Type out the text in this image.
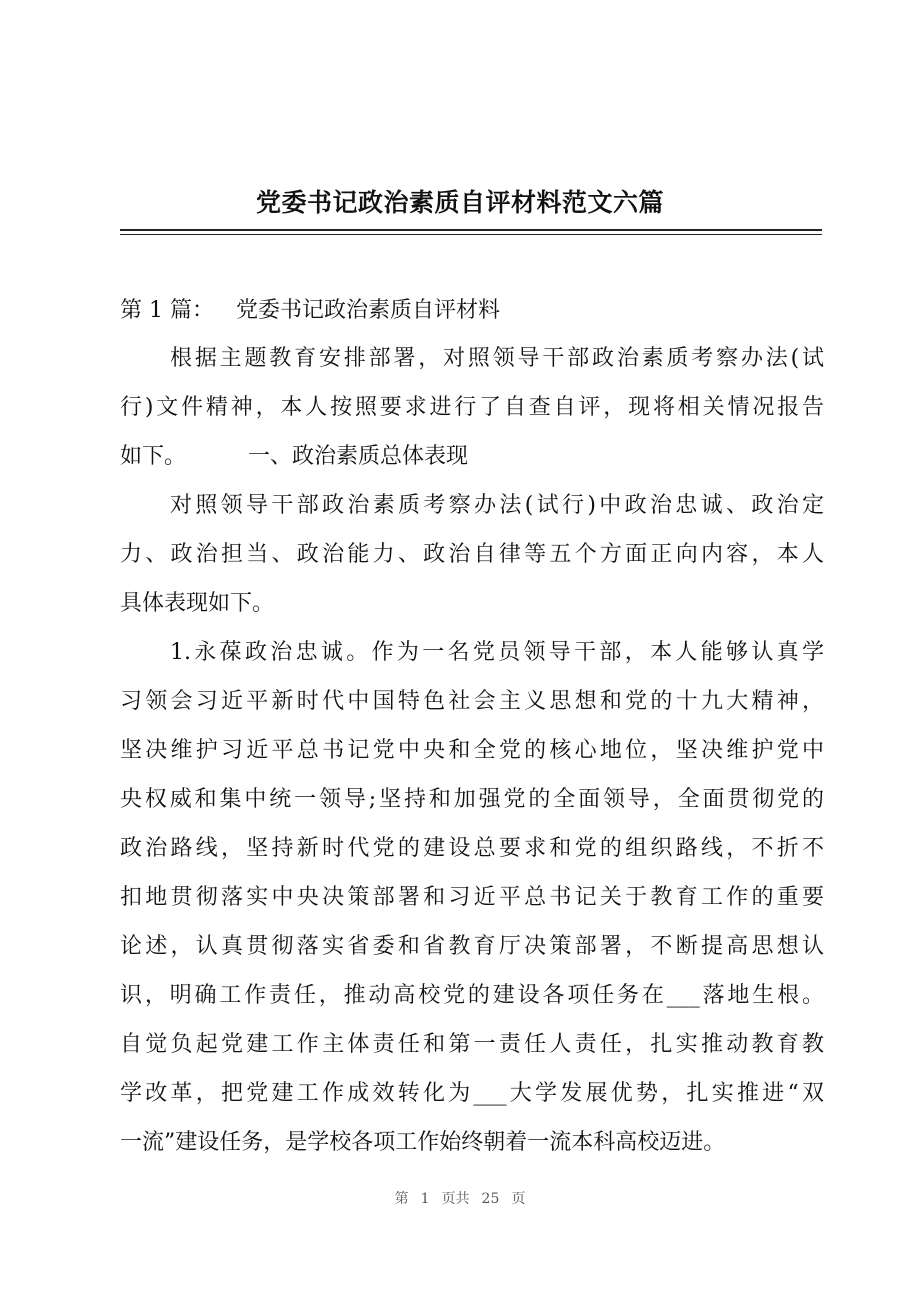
党委书记政治素质自评材料范文六篇
第 1 篇： 党委书记政治素质自评材料
根据主题教育安排部署，对照领导干部政治素质考察办法(试
行)文件精神，本人按照要求进行了自查自评，现将相关情况报告
如下。	一、政治素质总体表现
对照领导干部政治素质考察办法(试行)中政治忠诚、政治定
力、政治担当、政治能力、政治自律等五个方面正向内容，本人
具体表现如下。
1.永葆政治忠诚。作为一名党员领导干部，本人能够认真学
习领会习近平新时代中国特色社会主义思想和党的十九大精神，
坚决维护习近平总书记党中央和全党的核心地位，坚决维护党中
央权威和集中统一领导;坚持和加强党的全面领导，全面贯彻党的
政治路线，坚持新时代党的建设总要求和党的组织路线，不折不
扣地贯彻落实中央决策部署和习近平总书记关于教育工作的重要
论述，认真贯彻落实省委和省教育厅决策部署，不断提高思想认
识，明确工作责任，推动高校党的建设各项任务在___落地生根。
自觉负起党建工作主体责任和第一责任人责任，扎实推动教育教
学改革，把党建工作成效转化为___大学发展优势，扎实推进“双
一流”建设任务，是学校各项工作始终朝着一流本科高校迈进。
第 1 页共 25 页
